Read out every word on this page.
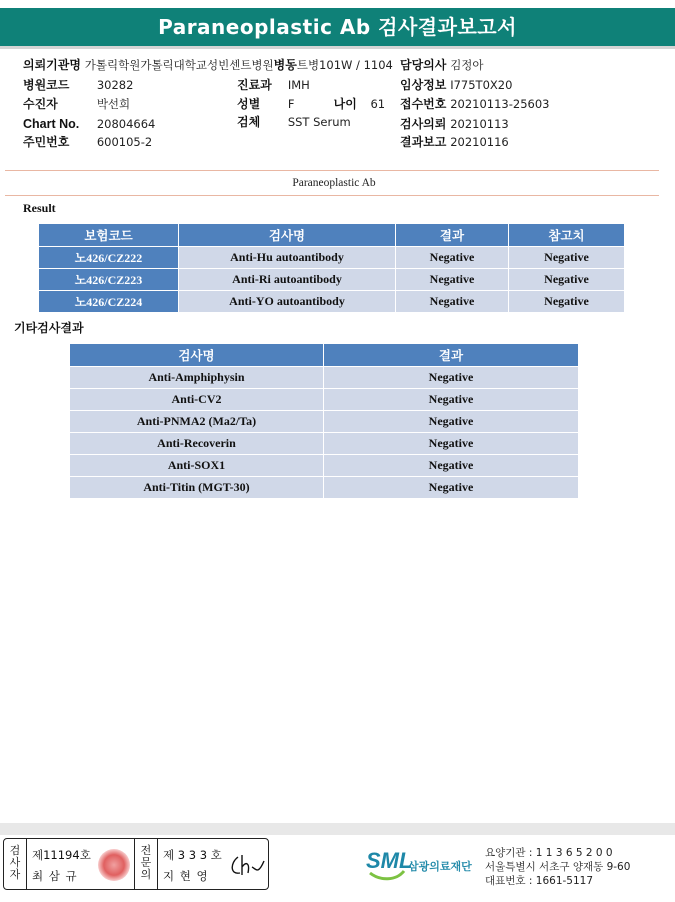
Paraneoplastic Ab 검사결과보고서
의뢰기관명 가톨릭학원가톨릭대학교성빈센트병원병동트병101W / 1104 담당의사 김정아
병원코드 30282	진료과 IMH	임상정보 I775T0X20
수진자	박선희	성별 F	나이 61 접수번호 20210113-25603
Chart No. 20804664	검체 SST Serum	검사의뢰 20210113
주민번호 600105-2	결과보고 20210116
Paraneoplastic Ab
Result
보험코드	검사명	결과	참고치
노426/CZ222	Anti-Hu autoantibody	Negative	Negative
노426/CZ223	Anti-Ri autoantibody	Negative	Negative
노426/CZ224	Anti-YO autoantibody	Negative	Negative
기타검사결과
검사명	결과
Anti-Amphiphysin	Negative
Anti-CV2	Negative
Anti-PNMA2 (Ma2/Ta)	Negative
Anti-Recoverin	Negative
Anti-SOX1	Negative
Anti-Titin (MGT-30)	Negative
검
사
자
제11194호
최 삼 규
전
문
의
제 3 3 3 호
지 현 영
SML
삼광의료재단
요양기관 : 1 1 3 6 5 2 0 0
서울특별시 서초구 양재동 9-60
대표번호 : 1661-5117
